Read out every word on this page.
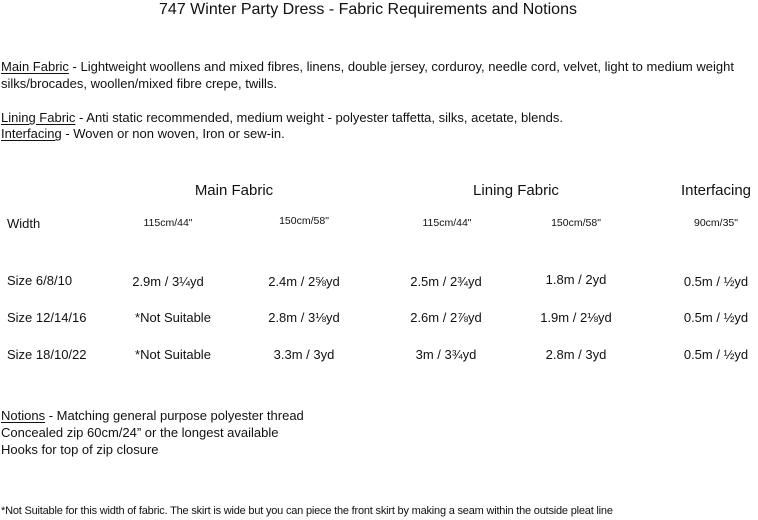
747 Winter Party Dress - Fabric Requirements and Notions
Main Fabric - Lightweight woollens and mixed fibres, linens, double jersey, corduroy, needle cord, velvet, light to medium weight silks/brocades, woollen/mixed fibre crepe, twills.
Lining Fabric - Anti static recommended, medium weight - polyester taffetta, silks, acetate, blends.
Interfacing - Woven or non woven, Iron or sew-in.
Main Fabric	Lining Fabric	Interfacing
Width	115cm/44"	150cm/58"	115cm/44"	150cm/58"	90cm/35"
Size 6/8/10	2.9m / 3¼yd	2.4m / 2⅝yd	2.5m / 2¾yd	1.8m / 2yd	0.5m / ½yd
Size 12/14/16	*Not Suitable	2.8m / 3⅛yd	2.6m / 2⅞yd	1.9m / 2⅛yd	0.5m / ½yd
Size 18/10/22	*Not Suitable	3.3m / 3yd	3m / 3¾yd	2.8m / 3yd	0.5m / ½yd
Notions - Matching general purpose polyester thread
Concealed zip 60cm/24” or the longest available
Hooks for top of zip closure
*Not Suitable for this width of fabric. The skirt is wide but you can piece the front skirt by making a seam within the outside pleat line
